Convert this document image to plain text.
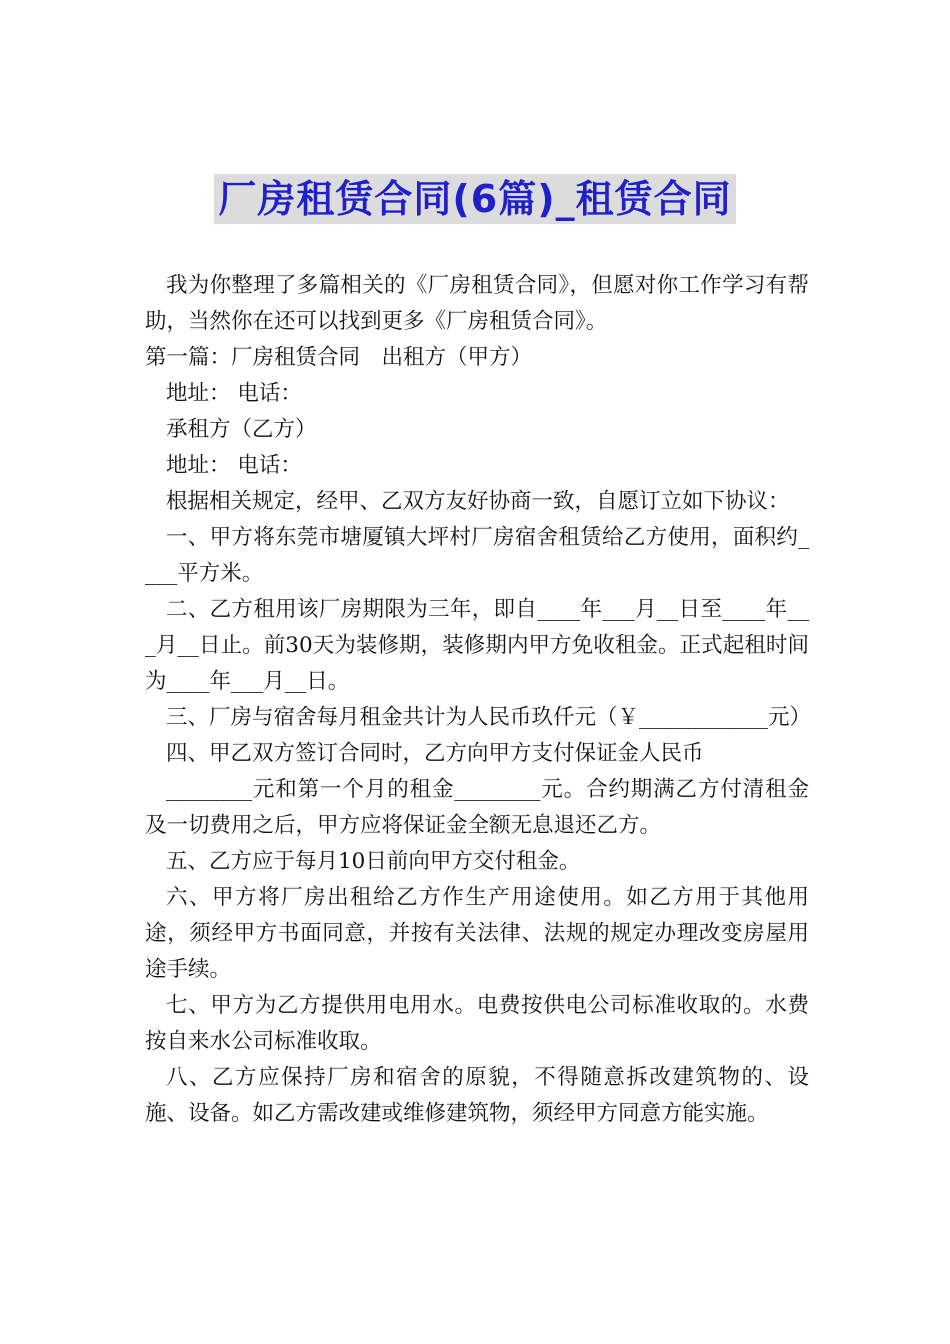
厂房租赁合同(6篇)_租赁合同

我为你整理了多篇相关的《厂房租赁合同》，但愿对你工作学习有帮助，当然你在还可以找到更多《厂房租赁合同》。

第一篇：厂房租赁合同　出租方（甲方）

地址： 电话：

承租方（乙方）

地址： 电话：

根据相关规定，经甲、乙双方友好协商一致，自愿订立如下协议：

一、甲方将东莞市塘厦镇大坪村厂房宿舍租赁给乙方使用，面积约____平方米。

二、乙方租用该厂房期限为三年，即自____年___月__日至____年___月__日止。前30天为装修期，装修期内甲方免收租金。正式起租时间为____年___月__日。

三、厂房与宿舍每月租金共计为人民币玖仟元（￥____________元）

四、甲乙双方签订合同时，乙方向甲方支付保证金人民币

________元和第一个月的租金________元。合约期满乙方付清租金及一切费用之后，甲方应将保证金全额无息退还乙方。

五、乙方应于每月10日前向甲方交付租金。

六、甲方将厂房出租给乙方作生产用途使用。如乙方用于其他用途，须经甲方书面同意，并按有关法律、法规的规定办理改变房屋用途手续。

七、甲方为乙方提供用电用水。电费按供电公司标准收取的。水费按自来水公司标准收取。

八、乙方应保持厂房和宿舍的原貌，不得随意拆改建筑物的、设施、设备。如乙方需改建或维修建筑物，须经甲方同意方能实施。
